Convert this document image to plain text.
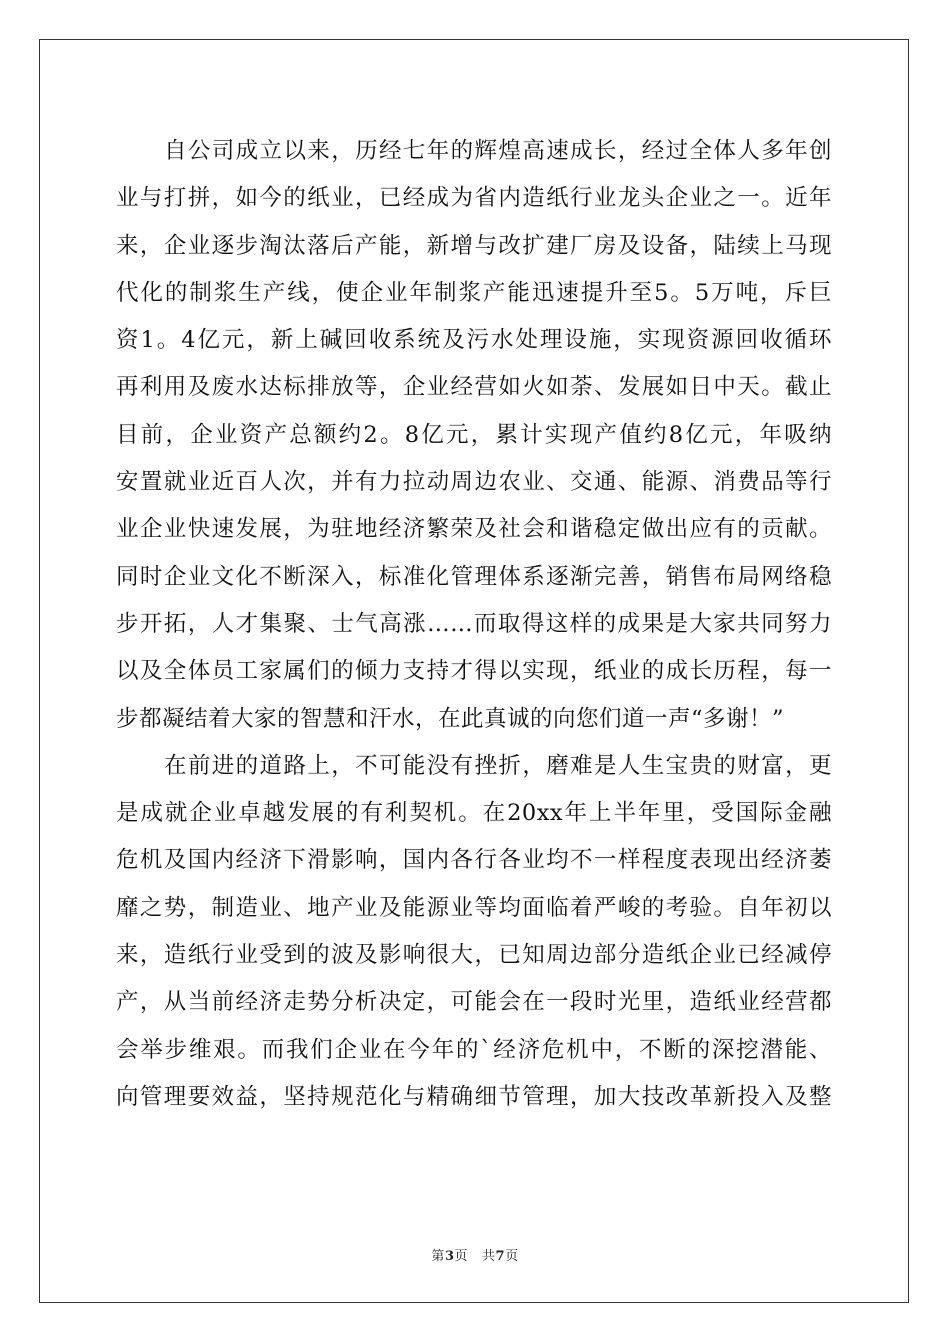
自公司成立以来，历经七年的辉煌高速成长，经过全体人多年创
业与打拼，如今的纸业，已经成为省内造纸行业龙头企业之一。近年
来，企业逐步淘汰落后产能，新增与改扩建厂房及设备，陆续上马现
代化的制浆生产线，使企业年制浆产能迅速提升至5。5万吨，斥巨
资1。4亿元，新上碱回收系统及污水处理设施，实现资源回收循环
再利用及废水达标排放等，企业经营如火如荼、发展如日中天。截止
目前，企业资产总额约2。8亿元，累计实现产值约8亿元，年吸纳
安置就业近百人次，并有力拉动周边农业、交通、能源、消费品等行
业企业快速发展，为驻地经济繁荣及社会和谐稳定做出应有的贡献。
同时企业文化不断深入，标准化管理体系逐渐完善，销售布局网络稳
步开拓，人才集聚、士气高涨……而取得这样的成果是大家共同努力
以及全体员工家属们的倾力支持才得以实现，纸业的成长历程，每一
步都凝结着大家的智慧和汗水，在此真诚的向您们道一声“多谢！”
在前进的道路上，不可能没有挫折，磨难是人生宝贵的财富，更
是成就企业卓越发展的有利契机。在20xx年上半年里，受国际金融
危机及国内经济下滑影响，国内各行各业均不一样程度表现出经济萎
靡之势，制造业、地产业及能源业等均面临着严峻的考验。自年初以
来，造纸行业受到的波及影响很大，已知周边部分造纸企业已经减停
产，从当前经济走势分析决定，可能会在一段时光里，造纸业经营都
会举步维艰。而我们企业在今年的`经济危机中，不断的深挖潜能、
向管理要效益，坚持规范化与精确细节管理，加大技改革新投入及整
第3页 共7页
